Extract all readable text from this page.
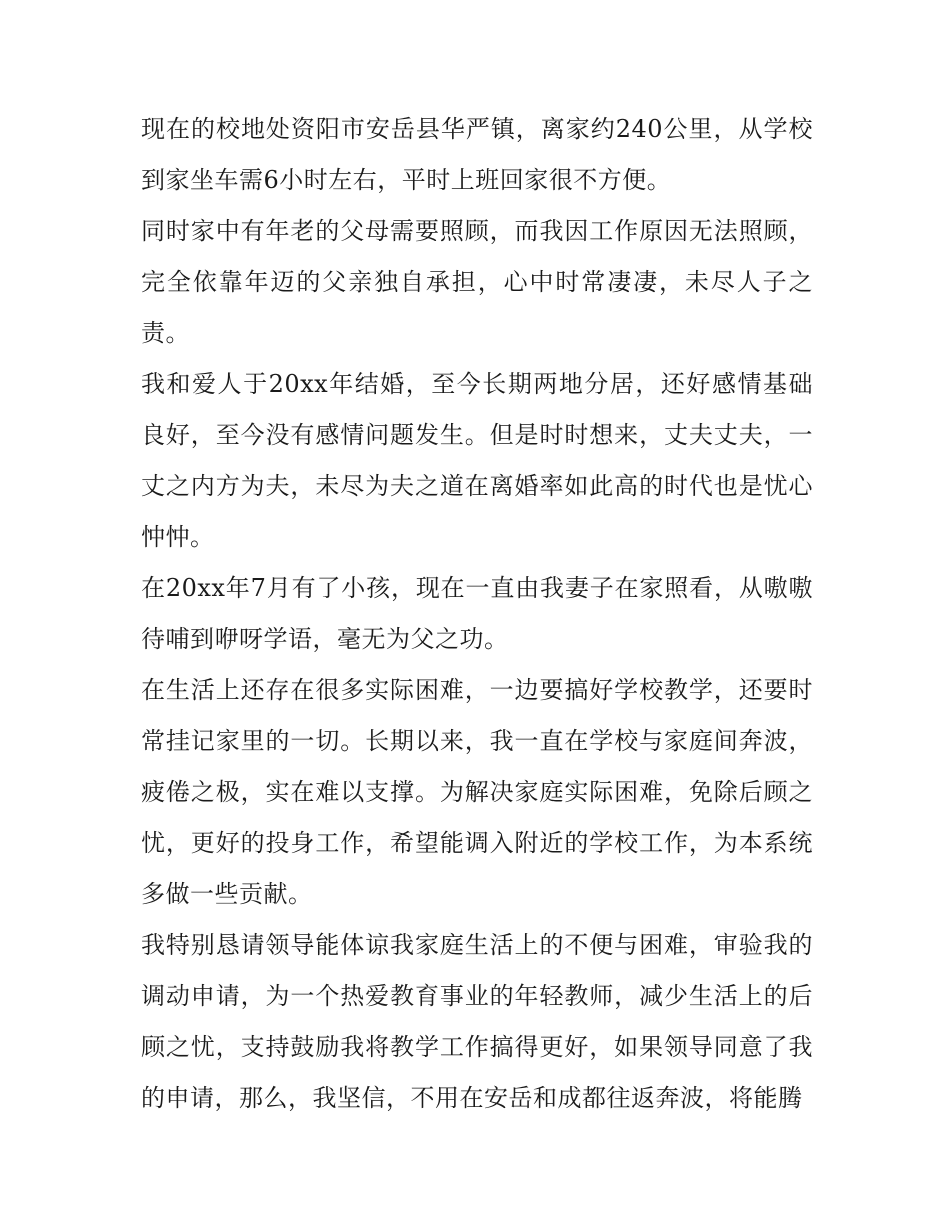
现在的校地处资阳市安岳县华严镇，离家约240公里，从学校到家坐车需6小时左右，平时上班回家很不方便。

同时家中有年老的父母需要照顾，而我因工作原因无法照顾，完全依靠年迈的父亲独自承担，心中时常凄凄，未尽人子之责。

我和爱人于20xx年结婚，至今长期两地分居，还好感情基础良好，至今没有感情问题发生。但是时时想来，丈夫丈夫，一丈之内方为夫，未尽为夫之道在离婚率如此高的时代也是忧心忡忡。

在20xx年7月有了小孩，现在一直由我妻子在家照看，从嗷嗷待哺到咿呀学语，毫无为父之功。

在生活上还存在很多实际困难，一边要搞好学校教学，还要时常挂记家里的一切。长期以来，我一直在学校与家庭间奔波，疲倦之极，实在难以支撑。为解决家庭实际困难，免除后顾之忧，更好的投身工作，希望能调入附近的学校工作，为本系统多做一些贡献。

我特别恳请领导能体谅我家庭生活上的不便与困难，审验我的调动申请，为一个热爱教育事业的年轻教师，减少生活上的后顾之忧，支持鼓励我将教学工作搞得更好，如果领导同意了我的申请，那么，我坚信，不用在安岳和成都往返奔波，将能腾
